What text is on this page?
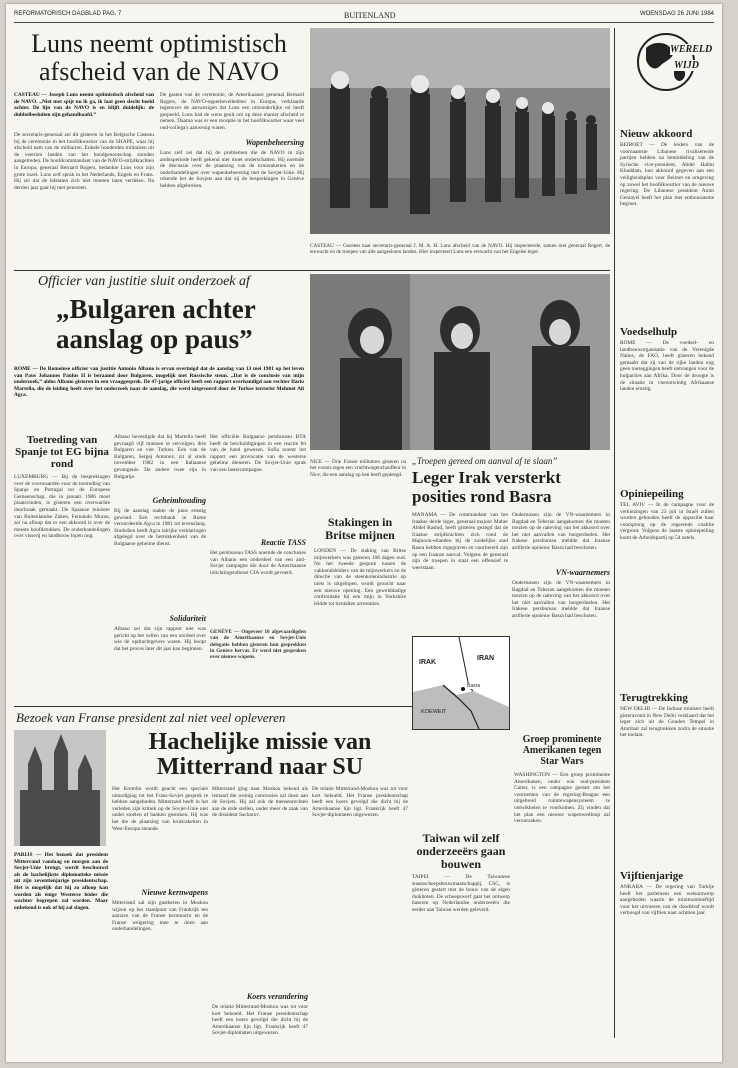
REFORMATORISCH DAGBLAD PAG. 7	BUITENLAND	WOENSDAG 26 JUNI 1984
Luns neemt optimistisch afscheid van de NAVO

CASTEAU — Joseph Luns neemt optimistisch afscheid van de NAVO. „Niet met spijt nu ik ga, ik laat geen slecht beeld achter. De lijn van de NAVO is en blijft duidelijk: de dubbelbesluiten zijn gehandhaafd.”

De secretaris-generaal zei dit gisteren in het Belgische Casteau bij de ceremonie in het hoofdkwartier van de SHAPE, waar hij afscheid nam van de militairen. Enkele honderden militairen uit de veertien landen van het bondgenootschap stonden aangetreden. De hoofdcommandant van de NAVO-strijdkrachten in Europa, generaal Bernard Rogers, bedankte Luns voor zijn grote inzet. Luns zelf sprak in het Nederlands, Engels en Frans. Hij zei dat de lidstaten zich niet moeten laten verdelen. Na dertien jaar gaat hij met pensioen.

De gasten van de ceremonie, de Amerikaanse generaal Bernard Rogers, de NAVO-opperbevelhebber in Europa, verklaarde tegenover de aanwezigen dat Luns een uitzonderlijke rol heeft gespeeld. Luns had de wens geuit om op deze manier afscheid te nemen. Daarna was er een receptie in het hoofdkwartier waar veel oud-collega's aanwezig waren.

Wapenbeheersing

Luns zelf zei dat hij de problemen die de NAVO in zijn ambtsperiode heeft gekend niet moet onderschatten. Hij noemde de discussie over de plaatsing van de kruisraketten en de onderhandelingen over wapenbeheersing met de Sovjet-Unie. Hij rekende het de Sovjets aan dat zij de besprekingen in Genève hebben afgebroken.

CASTEAU — Gezeten naar secretaris-generaal J. M. A. H. Luns afscheid van de NAVO. Hij inspecteerde, samen met generaal Rogert, de erewacht en de troepen van alle aangesloten landen. Hier inspecteert Luns een erewacht van het Engelse leger.

WERELD
WIJD
Nieuw akkoord

BEIROET — De leiders van de voornaamste Libanese rivaliserende partijen hebben na bemiddeling van de Syrische vice-president, Abdel Halim Khaddam, hun akkoord gegeven aan een veiligheidsplan voor Beiroet en omgeving op zowel het hoofdkwartier van de nieuwe regering. De Libanese president Amin Gemayel heeft het plan met enthousiasme begroet.

Voedselhulp

ROME — De voedsel- en landbouworganisatie van de Verenigde Naties, de FAO, heeft gisteren bekend gemaakt dat zij van de rijke landen nog geen toezeggingen heeft ontvangen voor de hulpacties aan Afrika. Door de droogte is de situatie in vierentwintig Afrikaanse landen ernstig.

Opiniepeiling

TEL AVIV — In de campagne voor de verkiezingen van 23 juli in Israël zullen worden gehouden heeft de oppositie haar voorsprong op de regerende coalitie vergroot. Volgens de laatste opiniepeiling komt de Arbeidspartij op 54 zetels.

Terugtrekking

NEW DELHI — De Indiase minister heeft gisteravond in New Delhi verklaard dat het leger zich uit de Gouden Tempel in Amritsar zal terugtrekken zodra de situatie het toelaat.

Vijftienjarige

ANKARA — De regering van Turkije heeft het parlement een wetsontwerp aangeboden waarin de minimumleeftijd voor het uitvoeren van de doodstraf wordt verhoogd van vijftien naar achttien jaar.

Officier van justitie sluit onderzoek af

„Bulgaren achter aanslag op paus”

ROME — De Romeinse officier van justitie Antonio Albano is ervan overtuigd dat de aanslag van 13 mei 1981 op het leven van Paus Johannes Paulus II is beraamd door Bulgaren, mogelijk met Russische steun. „Dat is de conclusie van mijn onderzoek,” aldus Albano gisteren in een vraaggesprek. De 47-jarige officier heeft een rapport overhandigd aan rechter Ilario Martella, die de leiding heeft over het onderzoek naar de aanslag, die werd uitgevoerd door de Turkse terrorist Mehmet Ali Agca.

Toetreding van Spanje tot EG bijna rond

LUXEMBURG — Bij de besprekingen over de voorwaarden voor de toetreding van Spanje en Portugal tot de Europese Gemeenschap, die in januari 1986 moet plaatsvinden, is gisteren een overwachte doorbraak gemaakt. De Spaanse minister van Buitenlandse Zaken, Fernando Moran, zei na afloop dat er een akkoord is over de meeste hoofdstukken. De onderhandelingen over visserij en landbouw lopen nog.

Albano bevestigde dat hij Martella heeft gevraagd vijf mannen te vervolgen, drie Bulgaren en vier Turken. Eén van de Bulgaren, Sergej Antonov, zit al sinds november 1982 in een Italiaanse gevangenis. De andere twee zijn in Bulgarije.

Geheimhouding

Bij de aanslag raakte de paus ernstig gewond. Een rechtbank in Rome veroordeelde Agca in 1981 tot levenslang. Sindsdien heeft Agca talrijke verklaringen afgelegd over de betrokkenheid van de Bulgaarse geheime dienst.

Solidariteit

Albano zei dat zijn rapport niet was gericht op het vellen van een oordeel over wie de opdrachtgevers waren. Hij hoopt dat het proces later dit jaar kan beginnen.

Het officiële Bulgaarse persbureau BTA heeft de beschuldigingen in een reactie fel van de hand gewezen. Sofia noemt het rapport een provocatie van de westerse geheime diensten. De Sovjet-Unie sprak van een lastercampagne.

Reactie TASS

Het persbureau TASS noemde de conclusies van Albano een onderdeel van een anti-Sovjet campagne die door de Amerikaanse inlichtingendienst CIA wordt gevoerd.

GENÈVE — Ongeveer 10 afgevaardigden van de Amerikaanse en Sovjet-Unie delegatie hebben gisteren hun gesprekken in Genève hervat. Er werd niet gesproken over nieuwe wapens.

NICE — Drie Franse militairen gisteren na het vonnis tegen een vrachtwagenchauffeur in Nice, die een aanslag op hen heeft gepleegd.

Stakingen in Britse mijnen

LONDEN — De staking van Britse mijnwerkers was gisteren 108 dagen oud. Nu het tweede gesprek tussen de vakbondsleiders van de mijnwerkers en de directie van de steenkolenindustrie op niets is uitgelopen, wordt gezocht naar een nieuwe opening. Een gewelddadige confrontatie bij een mijn in Yorkshire leidde tot tientallen arrestaties.

„Troepen gereed om aanval af te slaan”

Leger Irak versterkt posities rond Basra

MANAMA — De commandant van het Iraakse derde leger, generaal-majoor Maher Abdel Rashid, heeft gisteren gezegd dat de Iraakse strijdkrachten zich rond de Majnoon-eilanden bij de zuidelijke stad Basra hebben ingegraven en voorbereid zijn op een Iraanse aanval. Volgens de generaal zijn de troepen in staat een offensief te weerstaan.

VN-waarnemers

Ondertussen zijn de VN-waarnemers in Bagdad en Teheran aangekomen die moeten toezien op de naleving van het akkoord over het niet aanvallen van burgerdoelen. Het Irakese persbureau meldde dat Iraanse artillerie opnieuw Basra had beschoten.

Ondertussen zijn de VN-waarnemers in Bagdad en Teheran aangekomen die moeten toezien op de naleving van het akkoord over het niet aanvallen van burgerdoelen. Het Irakese persbureau meldde dat Iraanse artillerie opnieuw Basra had beschoten.

IRAK
IRAN
Basra
KOEWEIT

Bezoek van Franse president zal niet veel opleveren

Hachelijke missie van Mitterrand naar SU

PARIJS — Het bezoek dat president Mitterrand vandaag en morgen aan de Sovjet-Unie brengt, wordt beschouwd als de hachelijkste diplomatieke missie uit zijn zeventienjarige presidentschap. Het is mogelijk dat hij zo afloop kan worden als enige Westerse leider die wachter begrepen zal worden. Maar onbekend is ook of hij zal slagen.

Het Kremlin wordt geacht een speciale uitnodiging tot het Frans-Sovjet gesprek te hebben aangeboden. Mitterrand heeft in het verleden zijn kritiek op de Sovjet-Unie niet onder stoelen of banken gestoken. Hij was het die de plaatsing van kruisraketten in West-Europa steunde.

Nieuwe kernwapens

Mitterrand zal zijn gastheren in Moskou wijzen op het standpunt van Frankrijk ten aanzien van de Franse kernmacht en de Franse weigering mee te doen aan onderhandelingen.

Mitterrand ging naar Moskou bekend als iemand die weinig concessies zal doen aan de Sovjets. Hij zal ook de mensenrechten aan de orde stellen, onder meer de zaak van de dissident Sacharov.

Koers verandering

De relatie Mitterrand-Moskou was tot voor kort bekoeld. Het Franse presidentschap heeft een koers gevolgd die dicht bij de Amerikaanse lijn ligt. Frankrijk heeft 47 Sovjet-diplomaten uitgewezen.

De relatie Mitterrand-Moskou was tot voor kort bekoeld. Het Franse presidentschap heeft een koers gevolgd die dicht bij de Amerikaanse lijn ligt. Frankrijk heeft 47 Sovjet-diplomaten uitgewezen.

Taiwan wil zelf onderzeeërs gaan bouwen

TAIPEI — De Taiwanese staatsscheepsbouwmaatschappij, CSC, is gisteren gestart met de bouw van de eigen duikboten. De scheepswerf gaat het ontwerp baseren op Nederlandse onderzeeërs die eerder aan Taiwan werden geleverd.

Groep prominente Amerikanen tegen Star Wars

WASHINGTON — Een groep prominente Amerikanen, onder wie oud-president Carter, is een campagne gestart om het voornemen van de regering-Reagan een uitgebreid ruimtewapensysteem te ontwikkelen te voorkomen. Zij vinden dat het plan een nieuwe wapenwedloop zal veroorzaken.
